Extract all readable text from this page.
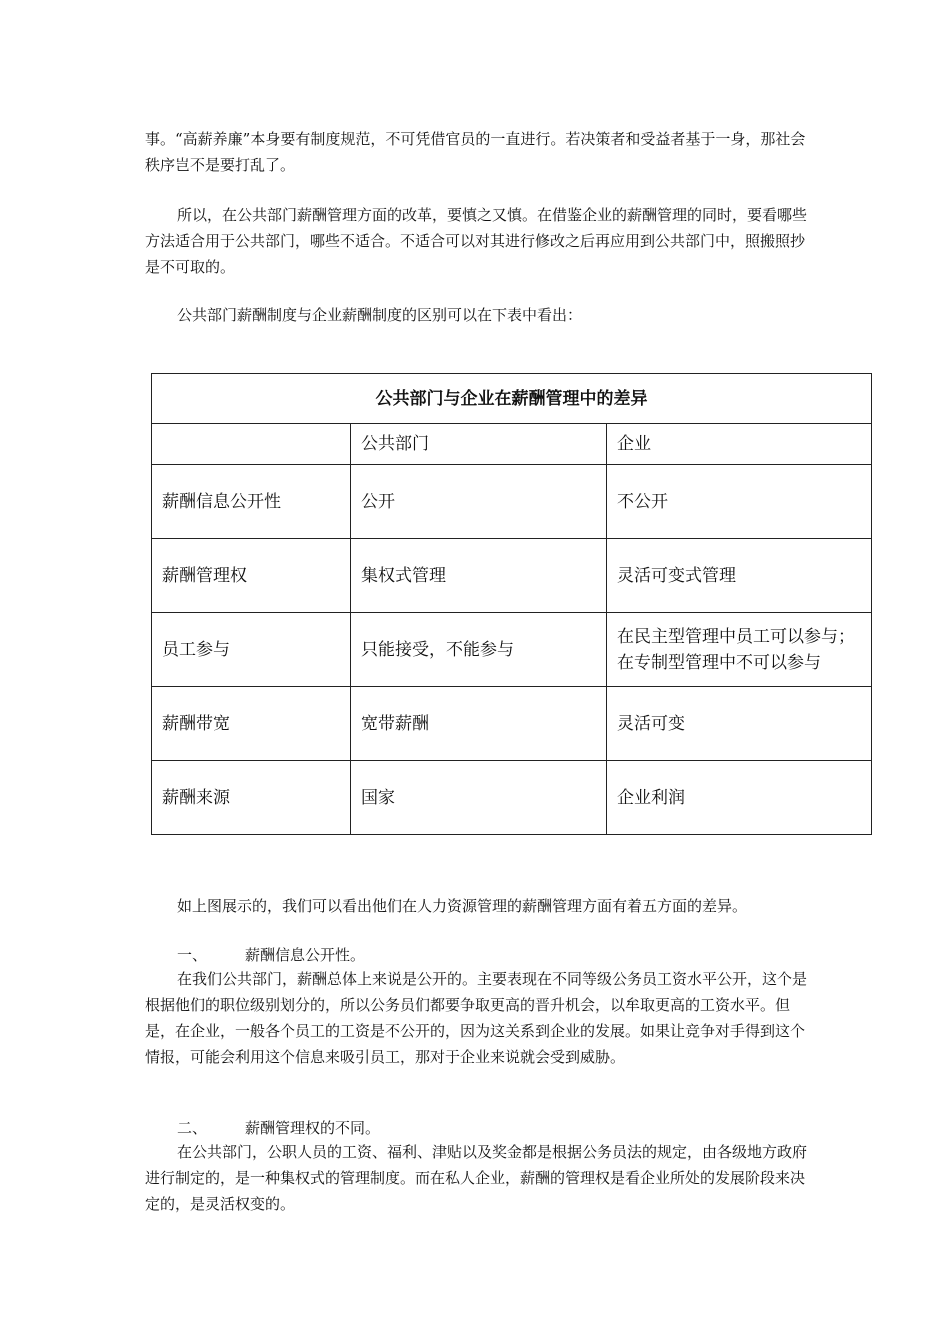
事。“高薪养廉”本身要有制度规范，不可凭借官员的一直进行。若决策者和受益者基于一身，那社会秩序岂不是要打乱了。

所以，在公共部门薪酬管理方面的改革，要慎之又慎。在借鉴企业的薪酬管理的同时，要看哪些方法适合用于公共部门，哪些不适合。不适合可以对其进行修改之后再应用到公共部门中，照搬照抄是不可取的。

公共部门薪酬制度与企业薪酬制度的区别可以在下表中看出：

公共部门与企业在薪酬管理中的差异		
	公共部门	企业
薪酬信息公开性	公开	不公开
薪酬管理权	集权式管理	灵活可变式管理
员工参与	只能接受，不能参与	在民主型管理中员工可以参与；在专制型管理中不可以参与
薪酬带宽	宽带薪酬	灵活可变
薪酬来源	国家	企业利润

如上图展示的，我们可以看出他们在人力资源管理的薪酬管理方面有着五方面的差异。

一、	薪酬信息公开性。

在我们公共部门，薪酬总体上来说是公开的。主要表现在不同等级公务员工资水平公开，这个是根据他们的职位级别划分的，所以公务员们都要争取更高的晋升机会，以牟取更高的工资水平。但是，在企业，一般各个员工的工资是不公开的，因为这关系到企业的发展。如果让竞争对手得到这个情报，可能会利用这个信息来吸引员工，那对于企业来说就会受到威胁。

二、	薪酬管理权的不同。

在公共部门，公职人员的工资、福利、津贴以及奖金都是根据公务员法的规定，由各级地方政府进行制定的，是一种集权式的管理制度。而在私人企业，薪酬的管理权是看企业所处的发展阶段来决定的，是灵活权变的。
